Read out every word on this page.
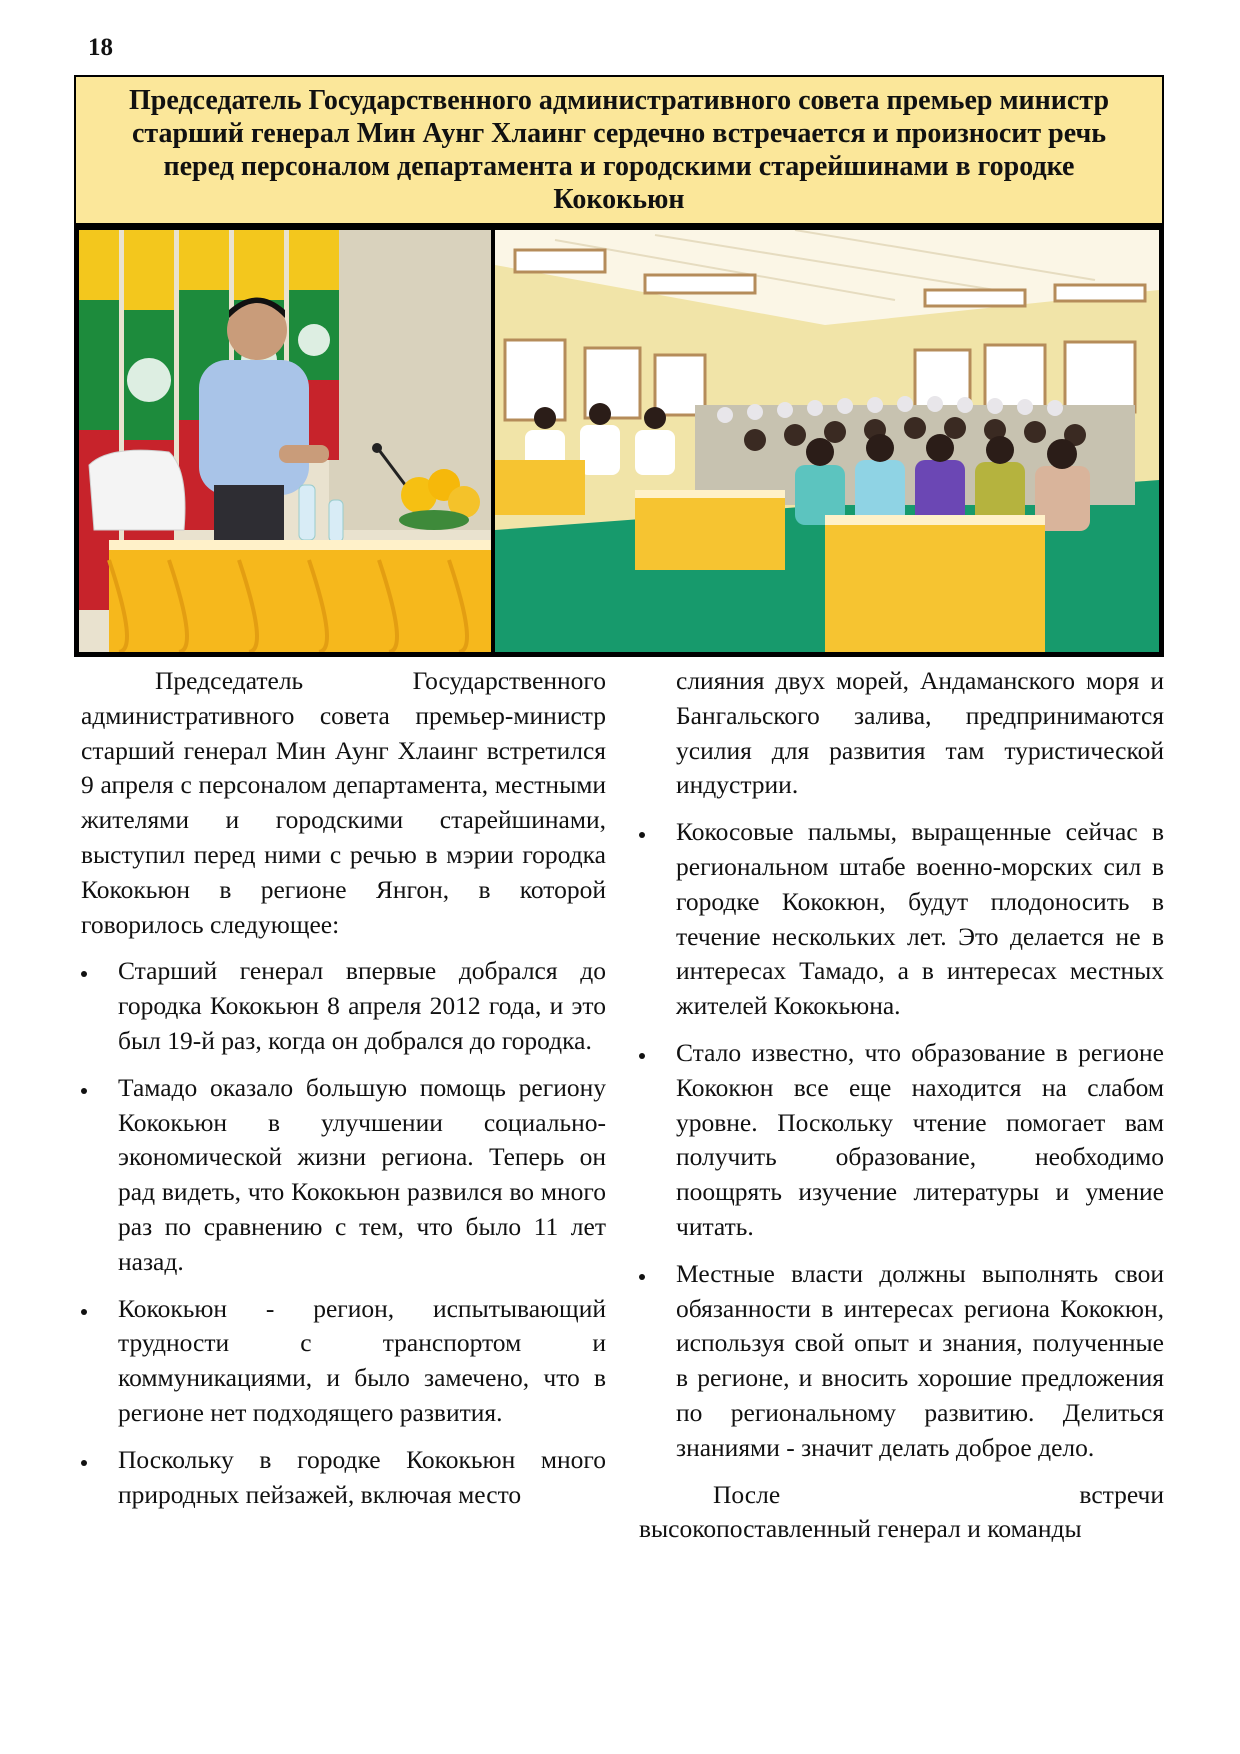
18
Председатель Государственного административного совета премьер министр старший генерал Мин Аунг Хлаинг сердечно встречается и произносит речь перед персоналом департамента и городскими старейшинами в городке Кококьюн

Председатель Государственного административного совета премьер-министр старший генерал Мин Аунг Хлаинг встретился 9 апреля с персоналом департамента, местными жителями и городскими старейшинами, выступил перед ними с речью в мэрии городка Кококьюн в регионе Янгон, в которой говорилось следующее:

Старший генерал впервые добрался до городка Кококьюн 8 апреля 2012 года, и это был 19-й раз, когда он добрался до городка.
Тамадо оказало большую помощь региону Кококьюн в улучшении социально-экономической жизни региона. Теперь он рад видеть, что Кококьюн развился во много раз по сравнению с тем, что было 11 лет назад.
Кококьюн - регион, испытывающий трудности с транспортом и коммуникациями, и было замечено, что в регионе нет подходящего развития.
Поскольку в городке Кококьюн много природных пейзажей, включая место

слияния двух морей, Андаманского моря и Бангальского залива, предпринимаются усилия для развития там туристической индустрии.

Кокосовые пальмы, выращенные сейчас в региональном штабе военно-морских сил в городке Кококюн, будут плодоносить в течение нескольких лет. Это делается не в интересах Тамадо, а в интересах местных жителей Кококьюна.
Стало известно, что образование в регионе Кококюн все еще находится на слабом уровне. Поскольку чтение помогает вам получить образование, необходимо поощрять изучение литературы и умение читать.
Местные власти должны выполнять свои обязанности в интересах региона Кококюн, используя свой опыт и знания, полученные в регионе, и вносить хорошие предложения по региональному развитию. Делиться знаниями - значит делать доброе дело.

После встречи

высокопоставленный генерал и команды
